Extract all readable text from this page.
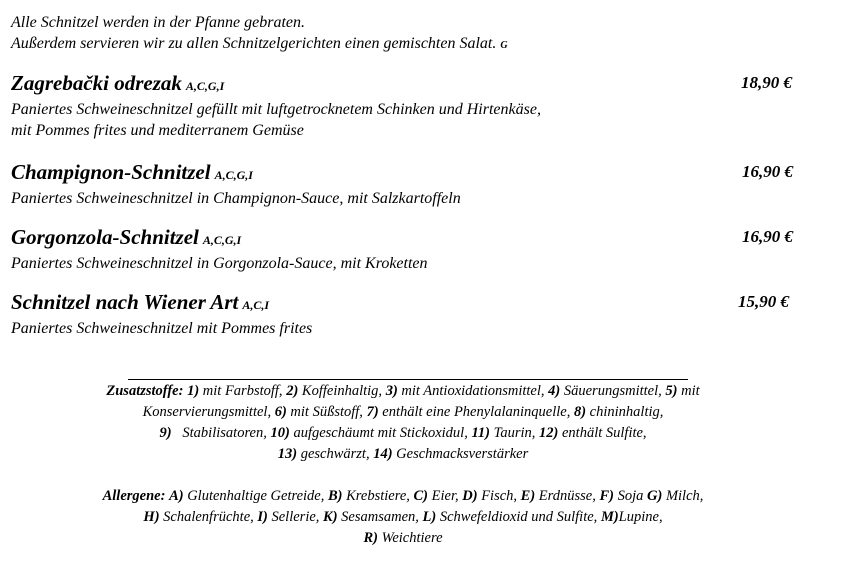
Alle Schnitzel werden in der Pfanne gebraten.
Außerdem servieren wir zu allen Schnitzelgerichten einen gemischten Salat. G
Zagrebački odrezak A,C,G,I	18,90 €
Paniertes Schweineschnitzel gefüllt mit luftgetrocknetem Schinken und Hirtenkäse,
mit Pommes frites und mediterranem Gemüse
Champignon-Schnitzel A,C,G,I	16,90 €
Paniertes Schweineschnitzel in Champignon-Sauce, mit Salzkartoffeln
Gorgonzola-Schnitzel A,C,G,I	16,90 €
Paniertes Schweineschnitzel in Gorgonzola-Sauce, mit Kroketten
Schnitzel nach Wiener Art A,C,I	15,90 €
Paniertes Schweineschnitzel mit Pommes frites
Zusatzstoffe: 1) mit Farbstoff, 2) Koffeinhaltig, 3) mit Antioxidationsmittel, 4) Säuerungsmittel, 5) mit
Konservierungsmittel, 6) mit Süßstoff, 7) enthält eine Phenylalaninquelle, 8) chininhaltig,
9)   Stabilisatoren, 10) aufgeschäumt mit Stickoxidul, 11) Taurin, 12) enthält Sulfite,
13) geschwärzt, 14) Geschmacksverstärker
Allergene: A) Glutenhaltige Getreide, B) Krebstiere, C) Eier, D) Fisch, E) Erdnüsse, F) Soja G) Milch,
H) Schalenfrüchte, I) Sellerie, K) Sesamsamen, L) Schwefeldioxid und Sulfite, M)Lupine,
R) Weichtiere
